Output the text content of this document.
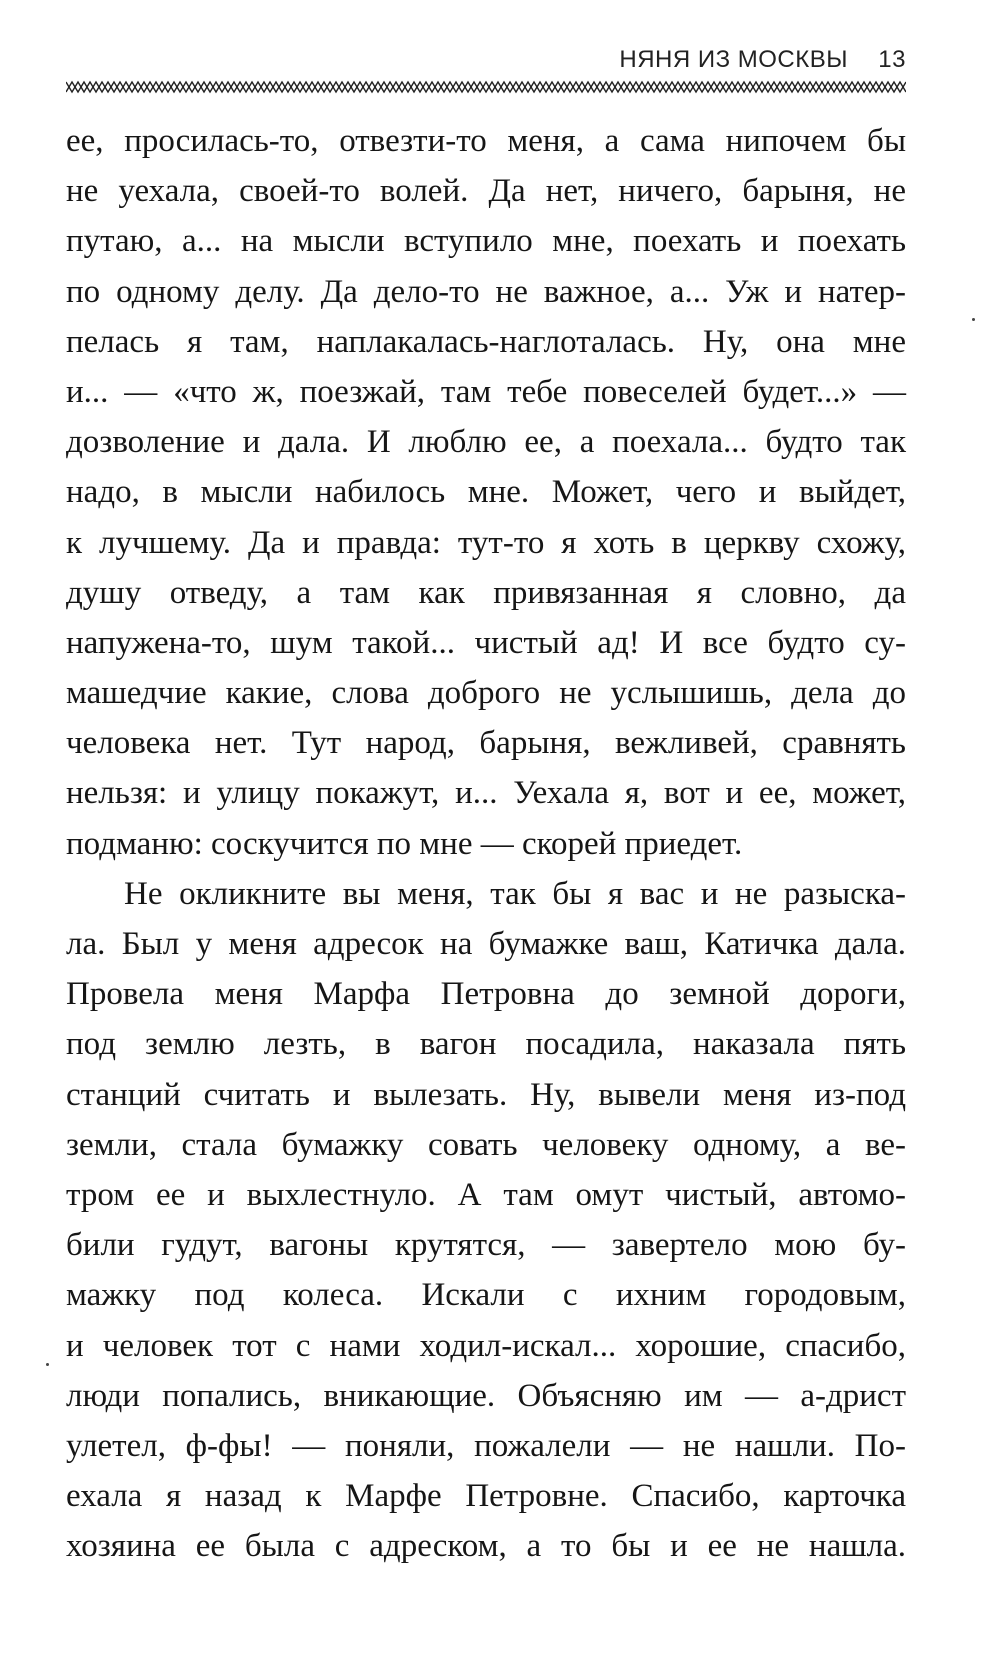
НЯНЯ ИЗ МОСКВЫ 13
ее, просилась-то, отвезти-то меня, а сама нипочем бы
не уехала, своей-то волей. Да нет, ничего, барыня, не
путаю, а... на мысли вступило мне, поехать и поехать
по одному делу. Да дело-то не важное, а... Уж и натер-
пелась я там, наплакалась-наглоталась. Ну, она мне
и... — «что ж, поезжай, там тебе повеселей будет...» —
дозволение и дала. И люблю ее, а поехала... будто так
надо, в мысли набилось мне. Может, чего и выйдет,
к лучшему. Да и правда: тут-то я хоть в церкву схожу,
душу отведу, а там как привязанная я словно, да
напужена-то, шум такой... чистый ад! И все будто су-
машедчие какие, слова доброго не услышишь, дела до
человека нет. Тут народ, барыня, вежливей, сравнять
нельзя: и улицу покажут, и... Уехала я, вот и ее, может,
подманю: соскучится по мне — скорей приедет.
Не окликните вы меня, так бы я вас и не разыска-
ла. Был у меня адресок на бумажке ваш, Катичка дала.
Провела меня Марфа Петровна до земной дороги,
под землю лезть, в вагон посадила, наказала пять
станций считать и вылезать. Ну, вывели меня из-под
земли, стала бумажку совать человеку одному, а ве-
тром ее и выхлестнуло. А там омут чистый, автомо-
били гудут, вагоны крутятся, — завертело мою бу-
мажку под колеса. Искали с ихним городовым,
и человек тот с нами ходил-искал... хорошие, спасибо,
люди попались, вникающие. Объясняю им — а-дрист
улетел, ф-фы! — поняли, пожалели — не нашли. По-
ехала я назад к Марфе Петровне. Спасибо, карточка
хозяина ее была с адреском, а то бы и ее не нашла.
